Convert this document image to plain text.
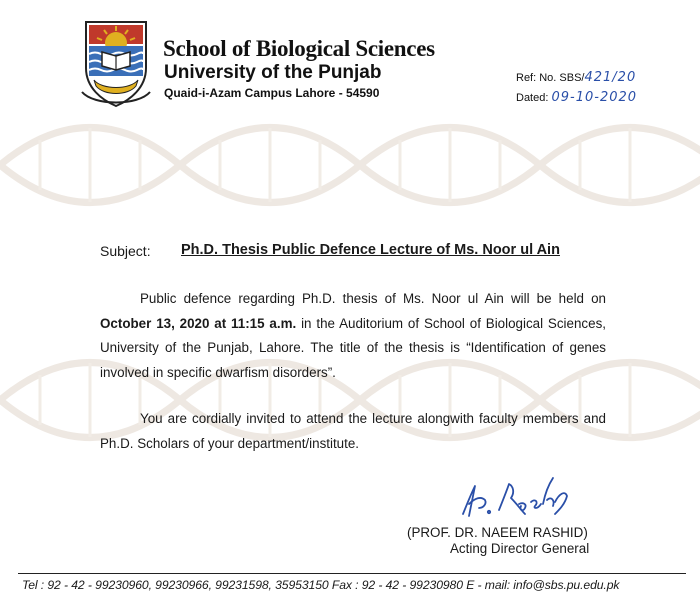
School of Biological Sciences
University of the Punjab
Quaid-i-Azam Campus Lahore - 54590
Ref: No. SBS/421/20
Dated: 09-10-2020
Subject: Ph.D. Thesis Public Defence Lecture of Ms. Noor ul Ain
Public defence regarding Ph.D. thesis of Ms. Noor ul Ain will be held on October 13, 2020 at 11:15 a.m. in the Auditorium of School of Biological Sciences, University of the Punjab, Lahore. The title of the thesis is “Identification of genes involved in specific dwarfism disorders”.
You are cordially invited to attend the lecture alongwith faculty members and Ph.D. Scholars of your department/institute.
(PROF. DR. NAEEM RASHID)
Acting Director General
Tel : 92 - 42 - 99230960, 99230966, 99231598, 35953150 Fax : 92 - 42 - 99230980 E - mail: info@sbs.pu.edu.pk
